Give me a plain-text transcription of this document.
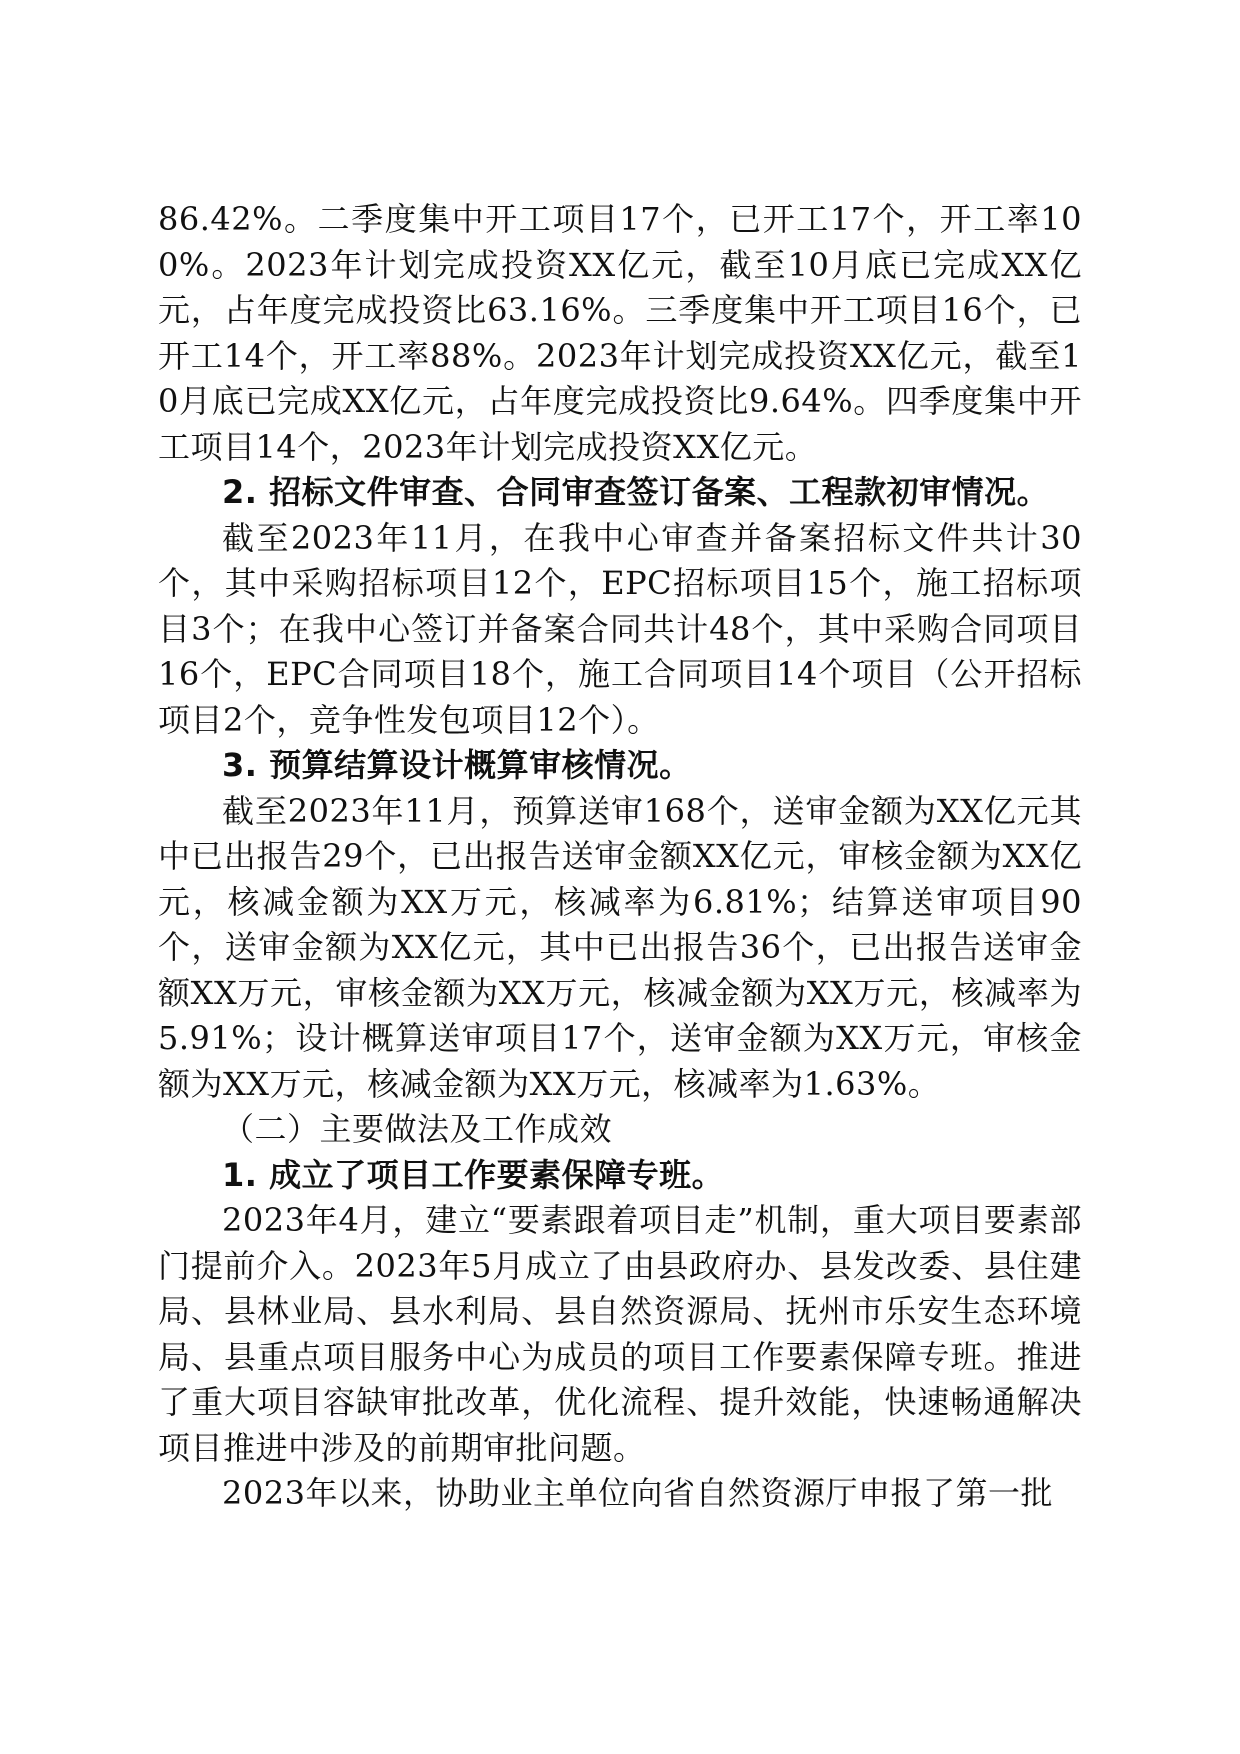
86.42%。二季度集中开工项目17个，已开工17个，开工率100%。2023年计划完成投资XX亿元，截至10月底已完成XX亿元，占年度完成投资比63.16%。三季度集中开工项目16个，已开工14个，开工率88%。2023年计划完成投资XX亿元，截至10月底已完成XX亿元，占年度完成投资比9.64%。四季度集中开工项目14个，2023年计划完成投资XX亿元。

2. 招标文件审查、合同审查签订备案、工程款初审情况。

截至2023年11月，在我中心审查并备案招标文件共计30个，其中采购招标项目12个，EPC招标项目15个，施工招标项目3个；在我中心签订并备案合同共计48个，其中采购合同项目16个，EPC合同项目18个，施工合同项目14个项目（公开招标项目2个，竞争性发包项目12个）。

3. 预算结算设计概算审核情况。

截至2023年11月，预算送审168个，送审金额为XX亿元其中已出报告29个，已出报告送审金额XX亿元，审核金额为XX亿元，核减金额为XX万元，核减率为6.81%；结算送审项目90个，送审金额为XX亿元，其中已出报告36个，已出报告送审金额XX万元，审核金额为XX万元，核减金额为XX万元，核减率为5.91%；设计概算送审项目17个，送审金额为XX万元，审核金额为XX万元，核减金额为XX万元，核减率为1.63%。

（二）主要做法及工作成效

1. 成立了项目工作要素保障专班。

2023年4月，建立“要素跟着项目走”机制，重大项目要素部门提前介入。2023年5月成立了由县政府办、县发改委、县住建局、县林业局、县水利局、县自然资源局、抚州市乐安生态环境局、县重点项目服务中心为成员的项目工作要素保障专班。推进了重大项目容缺审批改革，优化流程、提升效能，快速畅通解决项目推进中涉及的前期审批问题。

2023年以来，协助业主单位向省自然资源厅申报了第一批
